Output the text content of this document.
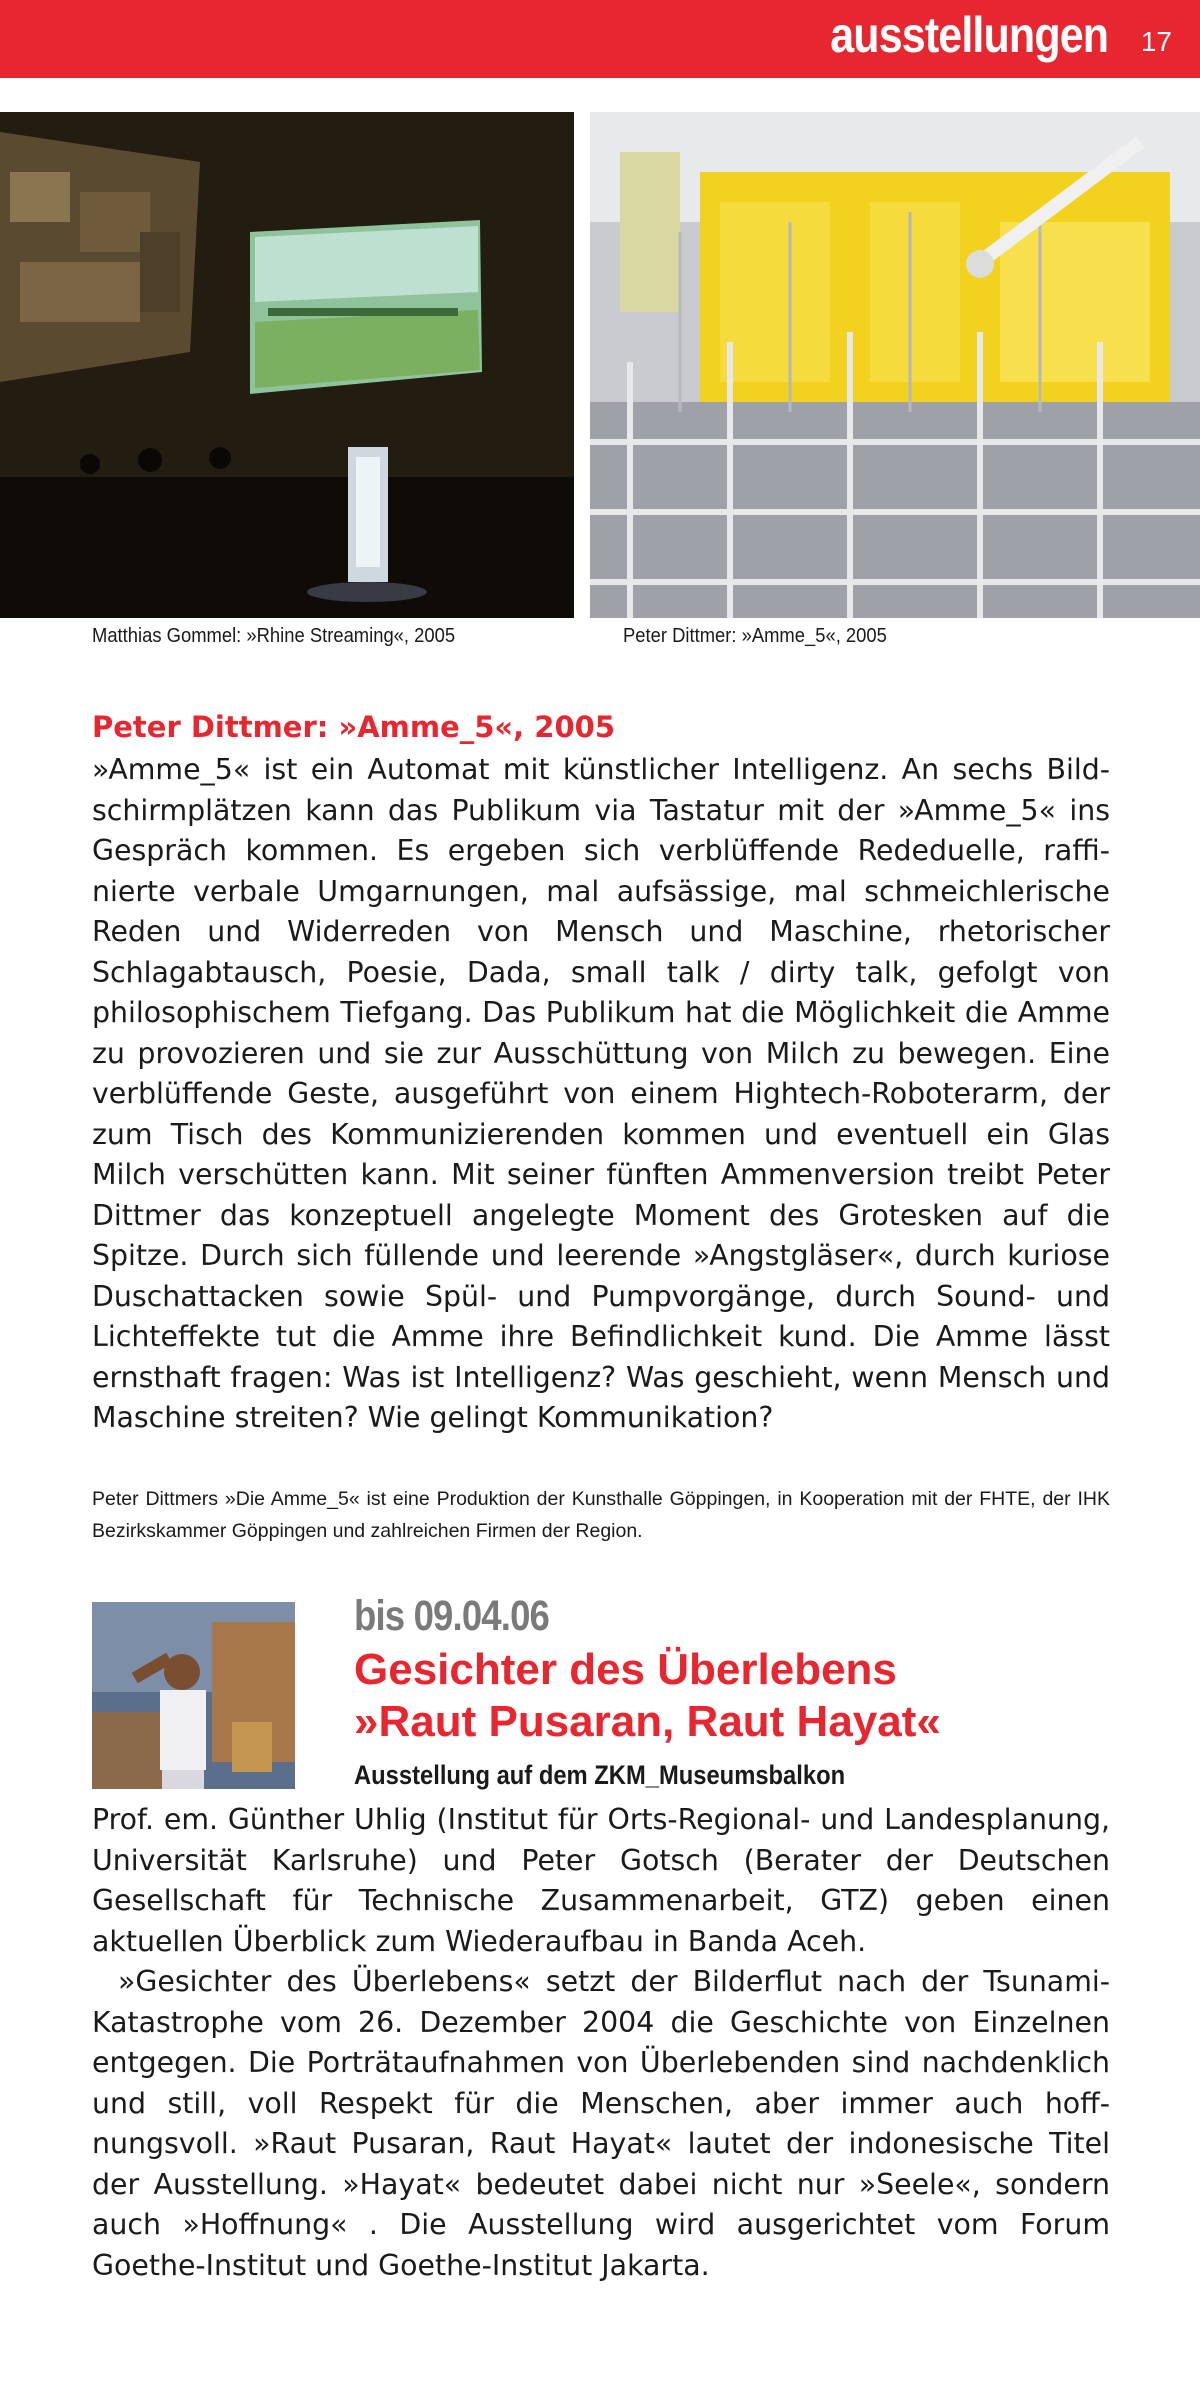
ausstellungen 17
Matthias Gommel: »Rhine Streaming«, 2005	Peter Dittmer: »Amme_5«, 2005
Peter Dittmer: »Amme_5«, 2005

»Amme_5« ist ein Automat mit künstlicher Intelligenz. An sechs Bildschirmplätzen kann das Publikum via Tastatur mit der »Amme_5« ins Gespräch kommen. Es ergeben sich verblüffende Rededuelle, raffinierte verbale Umgarnungen, mal aufsässige, mal schmeichlerische Reden und Widerreden von Mensch und Maschine, rhetorischer Schlagabtausch, Poesie, Dada, small talk / dirty talk, gefolgt von philosophischem Tiefgang. Das Publikum hat die Möglichkeit die Amme zu provozieren und sie zur Ausschüttung von Milch zu bewegen. Eine verblüffende Geste, ausgeführt von einem Hightech-Roboterarm, der zum Tisch des Kommunizierenden kommen und eventuell ein Glas Milch verschütten kann. Mit seiner fünften Ammenversion treibt Peter Dittmer das konzeptuell angelegte Moment des Grotesken auf die Spitze. Durch sich füllende und leerende »Angstgläser«, durch kuriose Duschattacken sowie Spül- und Pumpvorgänge, durch Sound- und Lichteffekte tut die Amme ihre Befindlichkeit kund. Die Amme lässt ernsthaft fragen: Was ist Intelligenz? Was geschieht, wenn Mensch und Maschine streiten? Wie gelingt Kommunikation?

Peter Dittmers »Die Amme_5« ist eine Produktion der Kunsthalle Göppingen, in Kooperation mit der FHTE, der IHK Bezirkskammer Göppingen und zahlreichen Firmen der Region.

bis 09.04.06
Gesichter des Überlebens
»Raut Pusaran, Raut Hayat«
Ausstellung auf dem ZKM_Museumsbalkon
Prof. em. Günther Uhlig (Institut für Orts-Regional- und Landesplanung, Universität Karlsruhe) und Peter Gotsch (Berater der Deutschen Gesellschaft für Technische Zusammenarbeit, GTZ) geben einen aktuellen Überblick zum Wiederaufbau in Banda Aceh.
»Gesichter des Überlebens« setzt der Bilderflut nach der Tsunami-Katastrophe vom 26. Dezember 2004 die Geschichte von Einzelnen entgegen. Die Porträtaufnahmen von Überlebenden sind nachdenklich und still, voll Respekt für die Menschen, aber immer auch hoffnungsvoll. »Raut Pusaran, Raut Hayat« lautet der indonesische Titel der Ausstellung. »Hayat« bedeutet dabei nicht nur »Seele«, sondern auch »Hoffnung« . Die Ausstellung wird ausgerichtet vom Forum Goethe-Institut und Goethe-Institut Jakarta.
